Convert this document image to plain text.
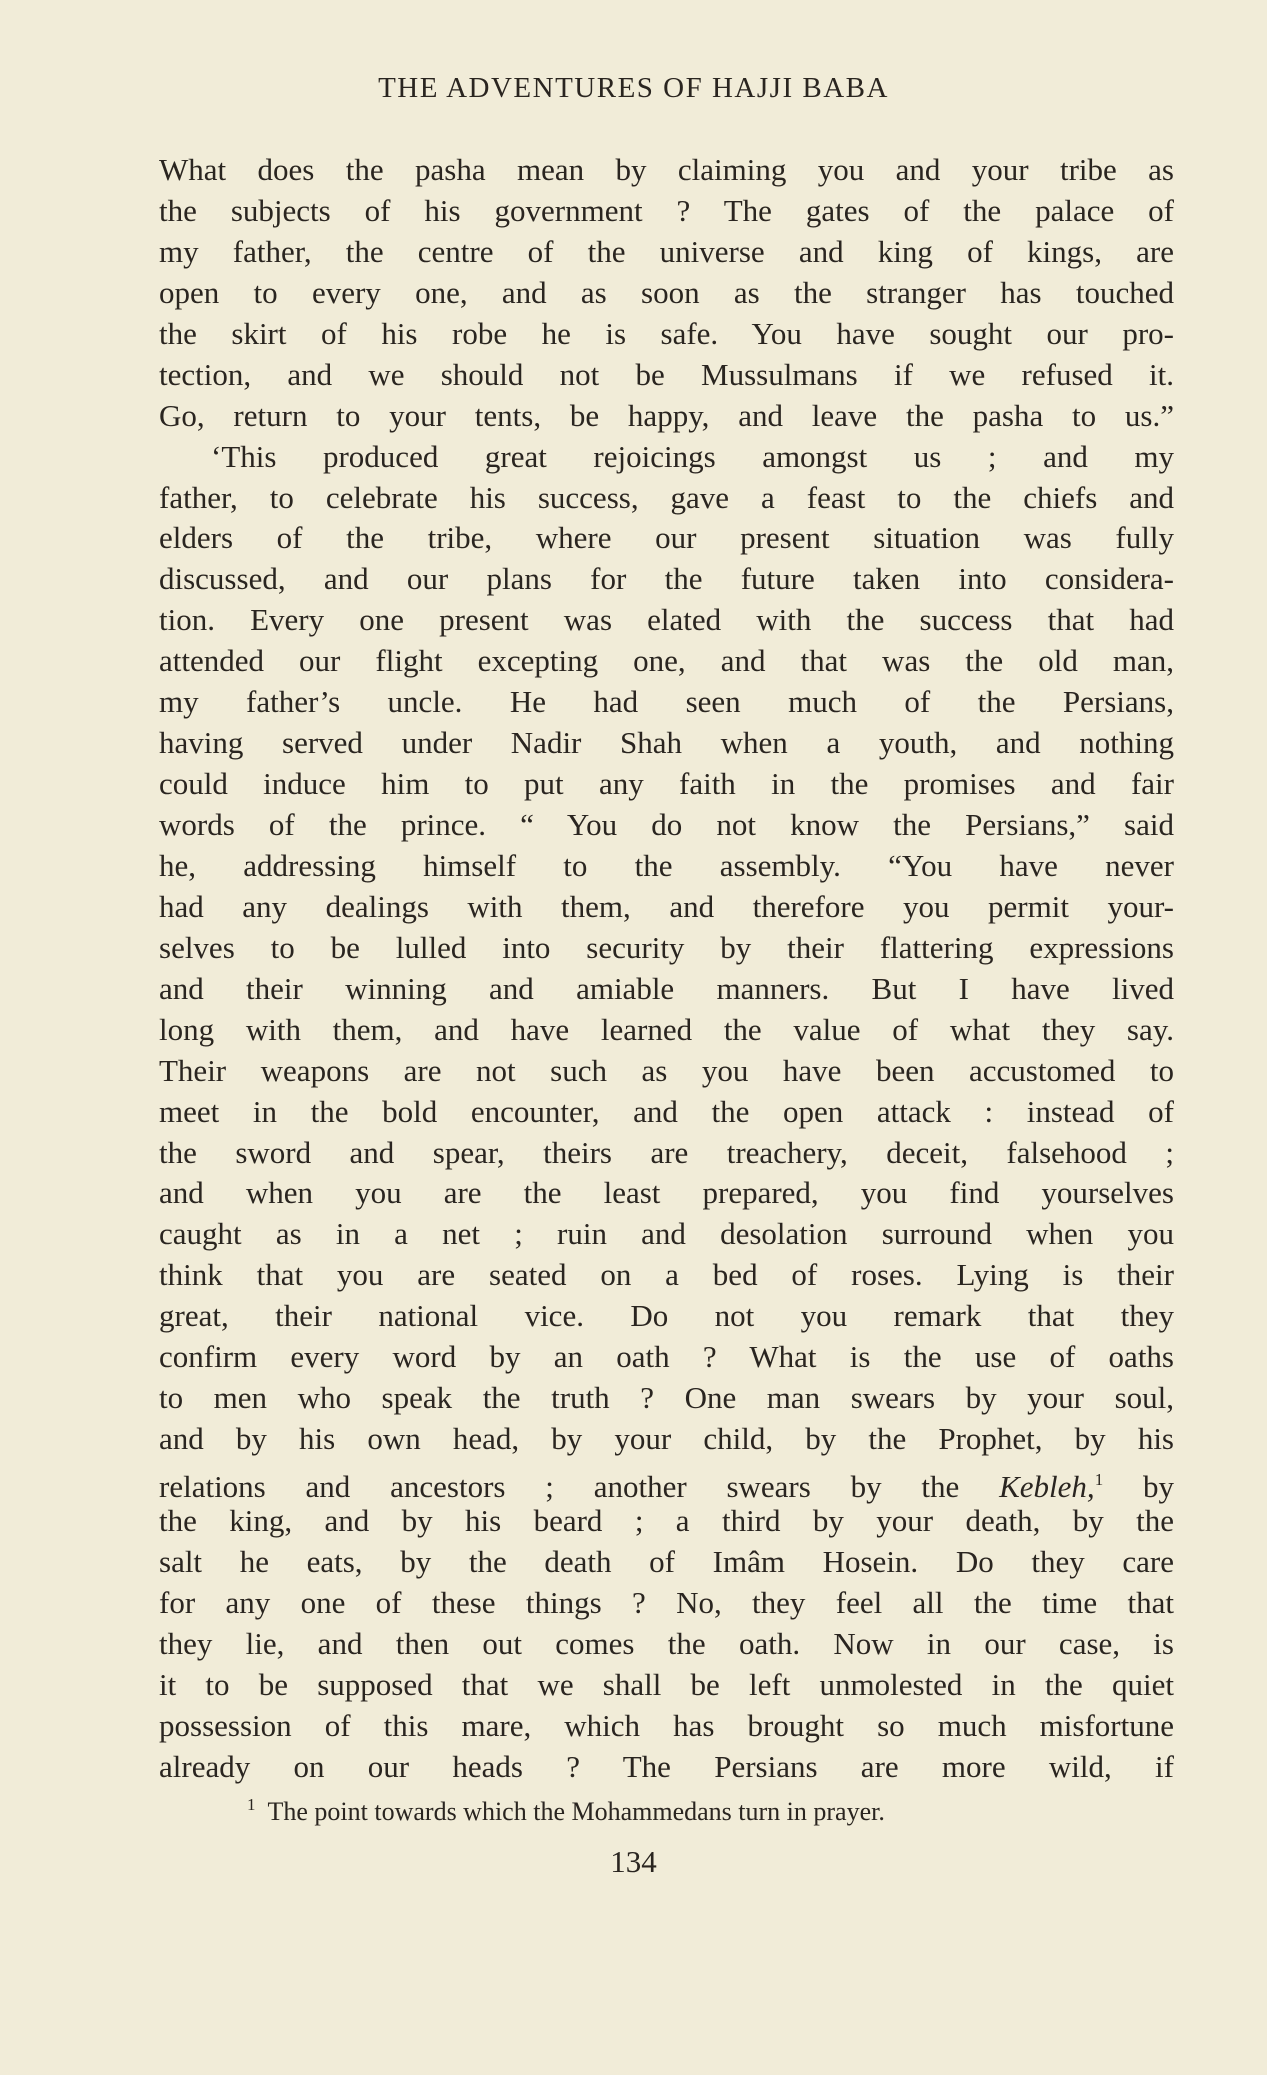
THE ADVENTURES OF HAJJI BABA
What does the pasha mean by claiming you and your tribe as
the subjects of his government ? The gates of the palace of
my father, the centre of the universe and king of kings, are
open to every one, and as soon as the stranger has touched
the skirt of his robe he is safe. You have sought our pro-
tection, and we should not be Mussulmans if we refused it.
Go, return to your tents, be happy, and leave the pasha to us.”
‘This produced great rejoicings amongst us ; and my
father, to celebrate his success, gave a feast to the chiefs and
elders of the tribe, where our present situation was fully
discussed, and our plans for the future taken into considera-
tion. Every one present was elated with the success that had
attended our flight excepting one, and that was the old man,
my father’s uncle. He had seen much of the Persians,
having served under Nadir Shah when a youth, and nothing
could induce him to put any faith in the promises and fair
words of the prince. “ You do not know the Persians,” said
he, addressing himself to the assembly. “You have never
had any dealings with them, and therefore you permit your-
selves to be lulled into security by their flattering expressions
and their winning and amiable manners. But I have lived
long with them, and have learned the value of what they say.
Their weapons are not such as you have been accustomed to
meet in the bold encounter, and the open attack : instead of
the sword and spear, theirs are treachery, deceit, falsehood ;
and when you are the least prepared, you find yourselves
caught as in a net ; ruin and desolation surround when you
think that you are seated on a bed of roses. Lying is their
great, their national vice. Do not you remark that they
confirm every word by an oath ? What is the use of oaths
to men who speak the truth ? One man swears by your soul,
and by his own head, by your child, by the Prophet, by his
relations and ancestors ; another swears by the Kebleh,$^1$ by
the king, and by his beard ; a third by your death, by the
salt he eats, by the death of Imâm Hosein. Do they care
for any one of these things ? No, they feel all the time that
they lie, and then out comes the oath. Now in our case, is
it to be supposed that we shall be left unmolested in the quiet
possession of this mare, which has brought so much misfortune
already on our heads ? The Persians are more wild, if
$^1$ The point towards which the Mohammedans turn in prayer.
134
